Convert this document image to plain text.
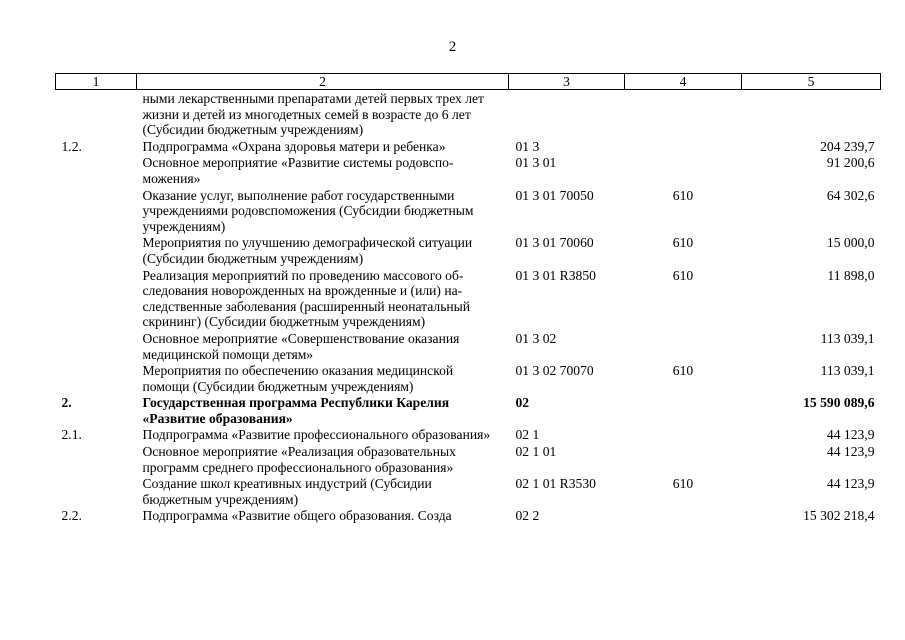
2
1	2	3	4	5
	ными лекарственными препаратами детей первых трех лет жизни и детей из многодетных семей в возрасте до 6 лет (Субсидии бюджетным учреждениям)			
1.2.	Подпрограмма «Охрана здоровья матери и ребенка»	01 3		204 239,7
	Основное мероприятие «Развитие системы родовспоможения»	01 3 01		91 200,6
	Оказание услуг, выполнение работ государственными учреждениями родовспоможения (Субсидии бюджетным учреждениям)	01 3 01 70050	610	64 302,6
	Мероприятия по улучшению демографической ситуации (Субсидии бюджетным учреждениям)	01 3 01 70060	610	15 000,0
	Реализация мероприятий по проведению массового обследования новорожденных на врожденные и (или) наследственные заболевания (расширенный неонатальный скрининг) (Субсидии бюджетным учреждениям)	01 3 01 R3850	610	11 898,0
	Основное мероприятие «Совершенствование оказания медицинской помощи детям»	01 3 02		113 039,1
	Мероприятия по обеспечению оказания медицинской помощи (Субсидии бюджетным учреждениям)	01 3 02 70070	610	113 039,1
2.	Государственная программа Республики Карелия «Развитие образования»	02		15 590 089,6
2.1.	Подпрограмма «Развитие профессионального образования»	02 1		44 123,9
	Основное мероприятие «Реализация образовательных программ среднего профессионального образования»	02 1 01		44 123,9
	Создание школ креативных индустрий (Субсидии бюджетным учреждениям)	02 1 01 R3530	610	44 123,9
2.2.	Подпрограмма «Развитие общего образования. Созда	02 2		15 302 218,4
